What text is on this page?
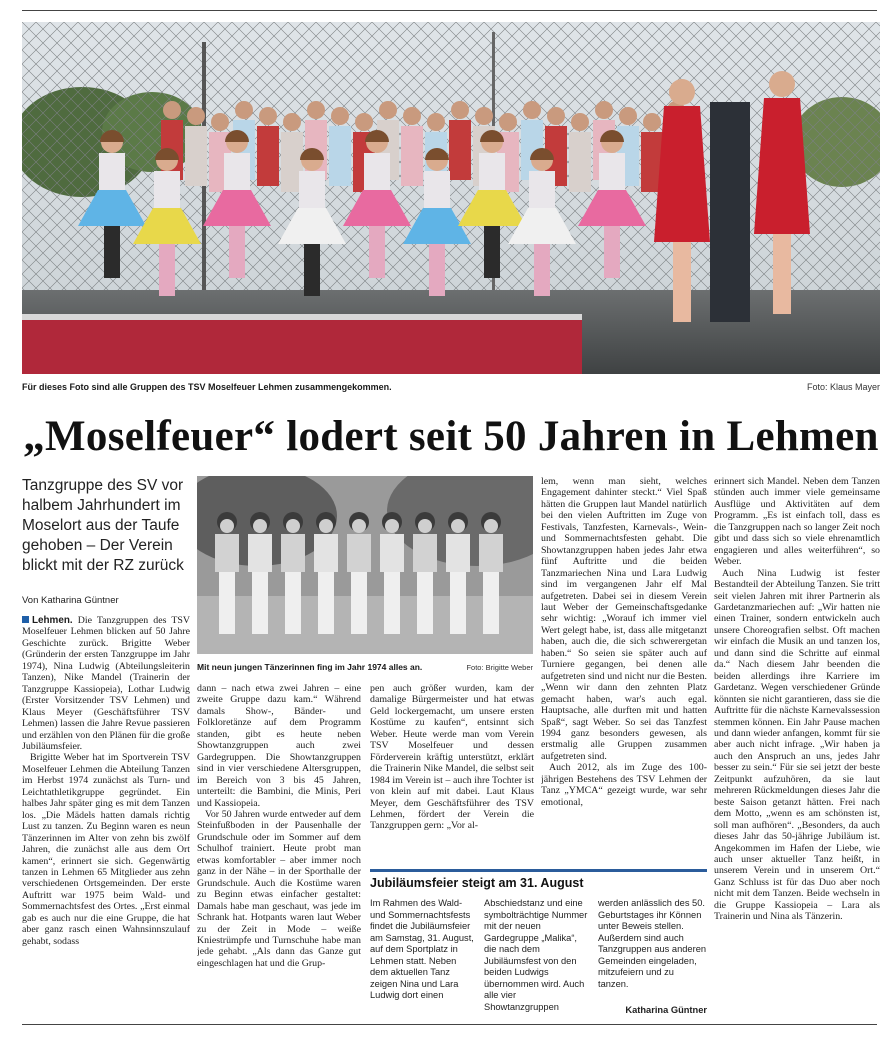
Für dieses Foto sind alle Gruppen des TSV Moselfeuer Lehmen zusammengekommen.	Foto: Klaus Mayer
„Moselfeuer“ lodert seit 50 Jahren in Lehmen
Tanzgruppe des SV vor halbem Jahrhundert im Moselort aus der Taufe gehoben – Der Verein blickt mit der RZ zurück
Von Katharina Güntner
Mit neun jungen Tänzerinnen fing im Jahr 1974 alles an.	Foto: Brigitte Weber

Lehmen. Die Tanzgruppen des TSV Moselfeuer Lehmen blicken auf 50 Jahre Geschichte zurück. Brigitte Weber (Gründerin der ersten Tanzgruppe im Jahr 1974), Nina Ludwig (Abteilungsleiterin Tanzen), Nike Mandel (Trainerin der Tanzgruppe Kassiopeia), Lothar Ludwig (Erster Vorsitzender TSV Lehmen) und Klaus Meyer (Geschäftsführer TSV Lehmen) lassen die Jahre Revue passieren und erzählen von den Plänen für die große Jubiläumsfeier.

Brigitte Weber hat im Sportverein TSV Moselfeuer Lehmen die Abteilung Tanzen im Herbst 1974 zunächst als Turn- und Leichtathletikgruppe gegründet. Ein halbes Jahr später ging es mit dem Tanzen los. „Die Mädels hatten damals richtig Lust zu tanzen. Zu Beginn waren es neun Tänzerinnen im Alter von zehn bis zwölf Jahren, die zunächst alle aus dem Ort kamen“, erinnert sie sich. Gegenwärtig tanzen in Lehmen 65 Mitglieder aus zehn verschiedenen Ortsgemeinden. Der erste Auftritt war 1975 beim Wald- und Sommernachtsfest des Ortes. „Erst einmal gab es auch nur die eine Gruppe, die hat aber ganz rasch einen Wahnsinnszulauf gehabt, sodass

dann – nach etwa zwei Jahren – eine zweite Gruppe dazu kam.“ Während damals Show-, Bänder- und Folkloretänze auf dem Programm standen, gibt es heute neben Showtanzgruppen auch zwei Gardegruppen. Die Showtanzgruppen sind in vier verschiedene Altersgruppen, im Bereich von 3 bis 45 Jahren, unterteilt: die Bambini, die Minis, Peri und Kassiopeia.

Vor 50 Jahren wurde entweder auf dem Steinfußboden in der Pausenhalle der Grundschule oder im Sommer auf dem Schulhof trainiert. Heute probt man etwas komfortabler – aber immer noch ganz in der Nähe – in der Sporthalle der Grundschule. Auch die Kostüme waren zu Beginn etwas einfacher gestaltet: Damals habe man geschaut, was jede im Schrank hat. Hotpants waren laut Weber zu der Zeit in Mode – weiße Kniestrümpfe und Turnschuhe habe man jede gehabt. „Als dann das Ganze gut eingeschlagen hat und die Grup-

pen auch größer wurden, kam der damalige Bürgermeister und hat etwas Geld lockergemacht, um unsere ersten Kostüme zu kaufen“, entsinnt sich Weber. Heute werde man vom Verein TSV Moselfeuer und dessen Förderverein kräftig unterstützt, erklärt die Trainerin Nike Mandel, die selbst seit 1984 im Verein ist – auch ihre Tochter ist von klein auf mit dabei. Laut Klaus Meyer, dem Geschäftsführer des TSV Lehmen, fördert der Verein die Tanzgruppen gern: „Vor al-

lem, wenn man sieht, welches Engagement dahinter steckt.“ Viel Spaß hätten die Gruppen laut Mandel natürlich bei den vielen Auftritten im Zuge von Festivals, Tanzfesten, Karnevals-, Wein- und Sommernachtsfesten gehabt. Die Showtanzgruppen haben jedes Jahr etwa fünf Auftritte und die beiden Tanzmariechen Nina und Lara Ludwig sind im vergangenen Jahr elf Mal aufgetreten. Dabei sei in diesem Verein laut Weber der Gemeinschaftsgedanke sehr wichtig: „Worauf ich immer viel Wert gelegt habe, ist, dass alle mitgetanzt haben, auch die, die sich schwerergetan haben.“ So seien sie später auch auf Turniere gegangen, bei denen alle aufgetreten sind und nicht nur die Besten. „Wenn wir dann den zehnten Platz gemacht haben, war's auch egal. Hauptsache, alle durften mit und hatten Spaß“, sagt Weber. So sei das Tanzfest 1994 ganz besonders gewesen, als erstmalig alle Gruppen zusammen aufgetreten sind.

Auch 2012, als im Zuge des 100-jährigen Bestehens des TSV Lehmen der Tanz „YMCA“ gezeigt wurde, war sehr emotional,

erinnert sich Mandel. Neben dem Tanzen stünden auch immer viele gemeinsame Ausflüge und Aktivitäten auf dem Programm. „Es ist einfach toll, dass es die Tanzgruppen nach so langer Zeit noch gibt und dass sich so viele ehrenamtlich engagieren und alles weiterführen“, so Weber.

Auch Nina Ludwig ist fester Bestandteil der Abteilung Tanzen. Sie tritt seit vielen Jahren mit ihrer Partnerin als Gardetanzmariechen auf: „Wir hatten nie einen Trainer, sondern entwickeln auch unsere Choreografien selbst. Oft machen wir einfach die Musik an und tanzen los, und dann sind die Schritte auf einmal da.“ Nach diesem Jahr beenden die beiden allerdings ihre Karriere im Gardetanz. Wegen verschiedener Gründe könnten sie nicht garantieren, dass sie die Auftritte für die nächste Karnevalssession stemmen können. Ein Jahr Pause machen und dann wieder anfangen, kommt für sie aber auch nicht infrage. „Wir haben ja auch den Anspruch an uns, jedes Jahr besser zu sein.“ Für sie sei jetzt der beste Zeitpunkt aufzuhören, da sie laut mehreren Rückmeldungen dieses Jahr die beste Saison getanzt hätten. Frei nach dem Motto, „wenn es am schönsten ist, soll man aufhören“. „Besonders, da auch dieses Jahr das 50-jährige Jubiläum ist. Angekommen im Hafen der Liebe, wie auch unser aktueller Tanz heißt, in unserem Verein und in unserem Ort.“ Ganz Schluss ist für das Duo aber noch nicht mit dem Tanzen. Beide wechseln in die Gruppe Kassiopeia – Lara als Trainerin und Nina als Tänzerin.

Jubiläumsfeier steigt am 31. August
Im Rahmen des Wald- und Sommernachtsfests findet die Jubiläumsfeier am Samstag, 31. August, auf dem Sportplatz in Lehmen statt. Neben dem aktuellen Tanz zeigen Nina und Lara Ludwig dort einen
Abschiedstanz und eine symbolträchtige Nummer mit der neuen Gardegruppe „Malika“, die nach dem Jubiläumsfest von den beiden Ludwigs übernommen wird. Auch alle vier Showtanzgruppen
werden anlässlich des 50. Geburtstages ihr Können unter Beweis stellen. Außerdem sind auch Tanzgruppen aus anderen Gemeinden eingeladen, mitzufeiern und zu tanzen.
Katharina Güntner
